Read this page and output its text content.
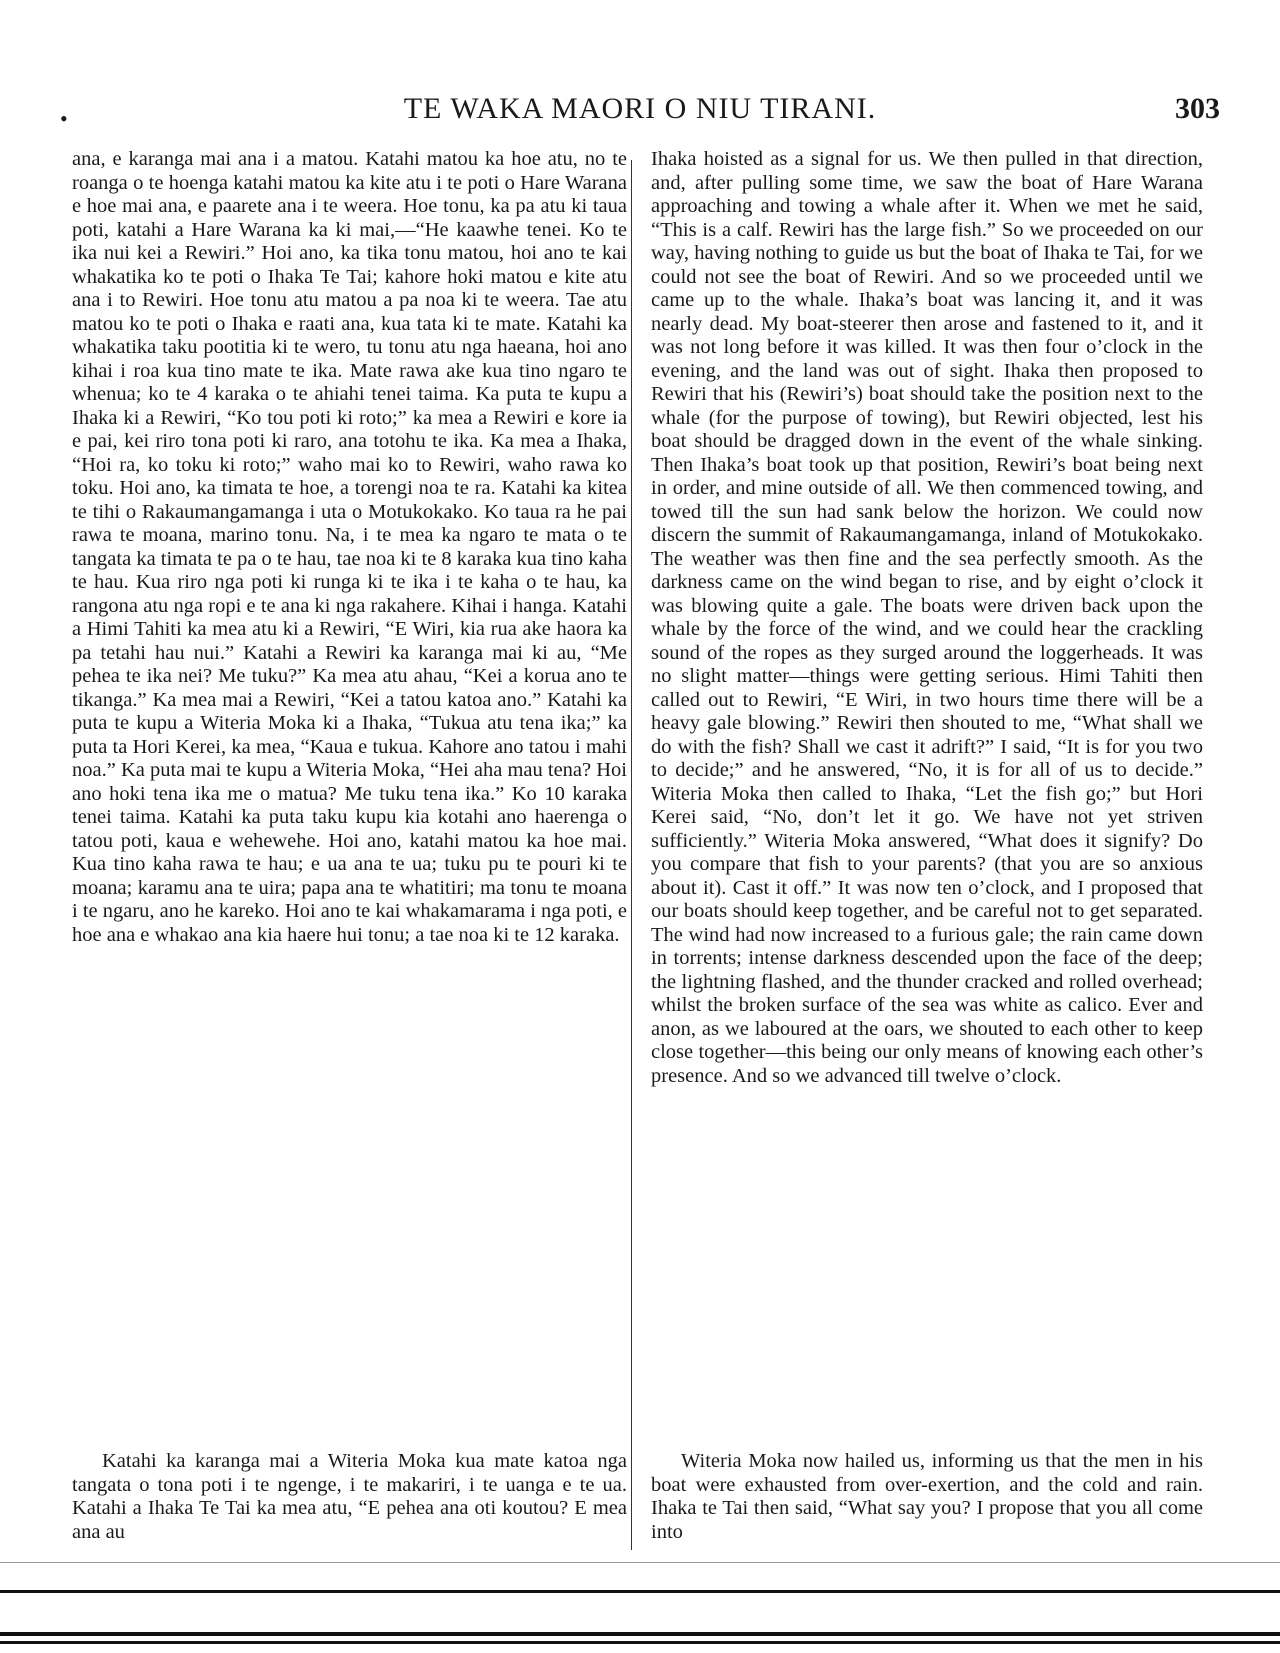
•	TE WAKA MAORI O NIU TIRANI.	303

ana, e karanga mai ana i a matou. Katahi matou ka hoe atu, no te roanga o te hoenga katahi matou ka kite atu i te poti o Hare Warana e hoe mai ana, e paarete ana i te weera. Hoe tonu, ka pa atu ki taua poti, katahi a Hare Warana ka ki mai,—“He kaawhe tenei. Ko te ika nui kei a Rewiri.” Hoi ano, ka tika tonu matou, hoi ano te kai whakatika ko te poti o Ihaka Te Tai; kahore hoki matou e kite atu ana i to Rewiri. Hoe tonu atu matou a pa noa ki te weera. Tae atu matou ko te poti o Ihaka e raati ana, kua tata ki te mate. Katahi ka whakatika taku pootitia ki te wero, tu tonu atu nga haeana, hoi ano kihai i roa kua tino mate te ika. Mate rawa ake kua tino ngaro te whenua; ko te 4 karaka o te ahiahi tenei taima. Ka puta te kupu a Ihaka ki a Rewiri, “Ko tou poti ki roto;” ka mea a Rewiri e kore ia e pai, kei riro tona poti ki raro, ana totohu te ika. Ka mea a Ihaka, “Hoi ra, ko toku ki roto;” waho mai ko to Rewiri, waho rawa ko toku. Hoi ano, ka timata te hoe, a torengi noa te ra. Katahi ka kitea te tihi o Rakaumangamanga i uta o Motukokako. Ko taua ra he pai rawa te moana, marino tonu. Na, i te mea ka ngaro te mata o te tangata ka timata te pa o te hau, tae noa ki te 8 karaka kua tino kaha te hau. Kua riro nga poti ki runga ki te ika i te kaha o te hau, ka rangona atu nga ropi e te ana ki nga rakahere. Kihai i hanga. Katahi a Himi Tahiti ka mea atu ki a Rewiri, “E Wiri, kia rua ake haora ka pa tetahi hau nui.” Katahi a Rewiri ka karanga mai ki au, “Me pehea te ika nei? Me tuku?” Ka mea atu ahau, “Kei a korua ano te tikanga.” Ka mea mai a Rewiri, “Kei a tatou katoa ano.” Katahi ka puta te kupu a Witeria Moka ki a Ihaka, “Tukua atu tena ika;” ka puta ta Hori Kerei, ka mea, “Kaua e tukua. Kahore ano tatou i mahi noa.” Ka puta mai te kupu a Witeria Moka, “Hei aha mau tena? Hoi ano hoki tena ika me o matua? Me tuku tena ika.” Ko 10 karaka tenei taima. Katahi ka puta taku kupu kia kotahi ano haerenga o tatou poti, kaua e wehewehe. Hoi ano, katahi matou ka hoe mai. Kua tino kaha rawa te hau; e ua ana te ua; tuku pu te pouri ki te moana; karamu ana te uira; papa ana te whatitiri; ma tonu te moana i te ngaru, ano he kareko. Hoi ano te kai whakamarama i nga poti, e hoe ana e whakao ana kia haere hui tonu; a tae noa ki te 12 karaka.

Ihaka hoisted as a signal for us. We then pulled in that direction, and, after pulling some time, we saw the boat of Hare Warana approaching and towing a whale after it. When we met he said, “This is a calf. Rewiri has the large fish.” So we proceeded on our way, having nothing to guide us but the boat of Ihaka te Tai, for we could not see the boat of Rewiri. And so we proceeded until we came up to the whale. Ihaka’s boat was lancing it, and it was nearly dead. My boat-steerer then arose and fastened to it, and it was not long before it was killed. It was then four o’clock in the evening, and the land was out of sight. Ihaka then proposed to Rewiri that his (Rewiri’s) boat should take the position next to the whale (for the purpose of towing), but Rewiri objected, lest his boat should be dragged down in the event of the whale sinking. Then Ihaka’s boat took up that position, Rewiri’s boat being next in order, and mine outside of all. We then commenced towing, and towed till the sun had sank below the horizon. We could now discern the summit of Rakaumangamanga, inland of Motukokako. The weather was then fine and the sea perfectly smooth. As the darkness came on the wind began to rise, and by eight o’clock it was blowing quite a gale. The boats were driven back upon the whale by the force of the wind, and we could hear the crackling sound of the ropes as they surged around the loggerheads. It was no slight matter—things were getting serious. Himi Tahiti then called out to Rewiri, “E Wiri, in two hours time there will be a heavy gale blowing.” Rewiri then shouted to me, “What shall we do with the fish? Shall we cast it adrift?” I said, “It is for you two to decide;” and he answered, “No, it is for all of us to decide.” Witeria Moka then called to Ihaka, “Let the fish go;” but Hori Kerei said, “No, don’t let it go. We have not yet striven sufficiently.” Witeria Moka answered, “What does it signify? Do you compare that fish to your parents? (that you are so anxious about it). Cast it off.” It was now ten o’clock, and I proposed that our boats should keep together, and be careful not to get separated. The wind had now increased to a furious gale; the rain came down in torrents; intense darkness descended upon the face of the deep; the lightning flashed, and the thunder cracked and rolled overhead; whilst the broken surface of the sea was white as calico. Ever and anon, as we laboured at the oars, we shouted to each other to keep close together—this being our only means of knowing each other’s presence. And so we advanced till twelve o’clock.

Katahi ka karanga mai a Witeria Moka kua mate katoa nga tangata o tona poti i te ngenge, i te makariri, i te uanga e te ua. Katahi a Ihaka Te Tai ka mea atu, “E pehea ana oti koutou? E mea ana au

Witeria Moka now hailed us, informing us that the men in his boat were exhausted from over-exertion, and the cold and rain. Ihaka te Tai then said, “What say you? I propose that you all come into
